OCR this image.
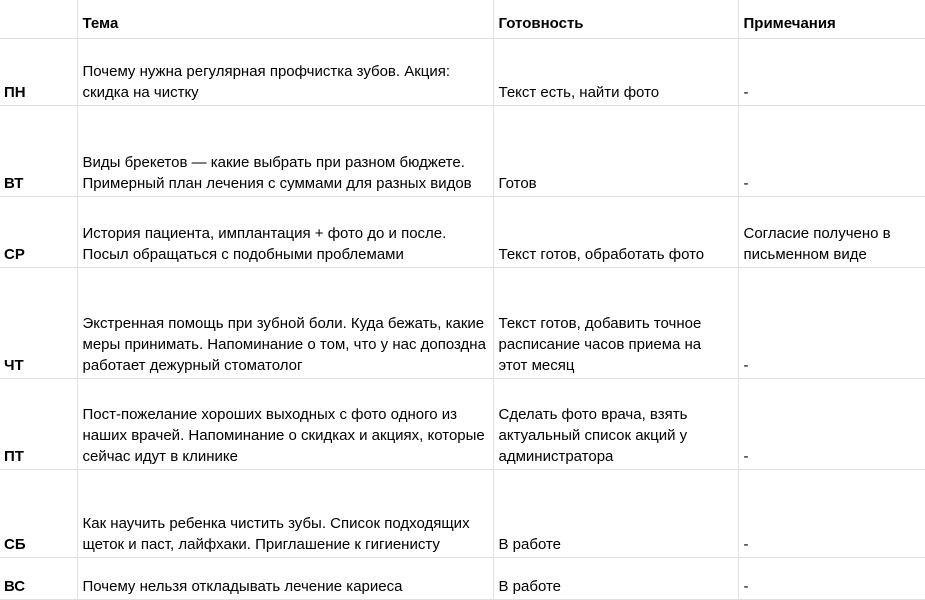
	Тема	Готовность	Примечания
ПН	Почему нужна регулярная профчистка зубов. Акция: скидка на чистку	Текст есть, найти фото	-
ВТ	Виды брекетов — какие выбрать при разном бюджете. Примерный план лечения с суммами для разных видов	Готов	-
СР	История пациента, имплантация + фото до и после. Посыл обращаться с подобными проблемами	Текст готов, обработать фото	Согласие получено в письменном виде
ЧТ	Экстренная помощь при зубной боли. Куда бежать, какие меры принимать. Напоминание о том, что у нас допоздна работает дежурный стоматолог	Текст готов, добавить точное расписание часов приема на этот месяц	-
ПТ	Пост-пожелание хороших выходных с фото одного из наших врачей. Напоминание о скидках и акциях, которые сейчас идут в клинике	Сделать фото врача, взять актуальный список акций у администратора	-
СБ	Как научить ребенка чистить зубы. Список подходящих щеток и паст, лайфхаки. Приглашение к гигиенисту	В работе	-
ВС	Почему нельзя откладывать лечение кариеса	В работе	-
